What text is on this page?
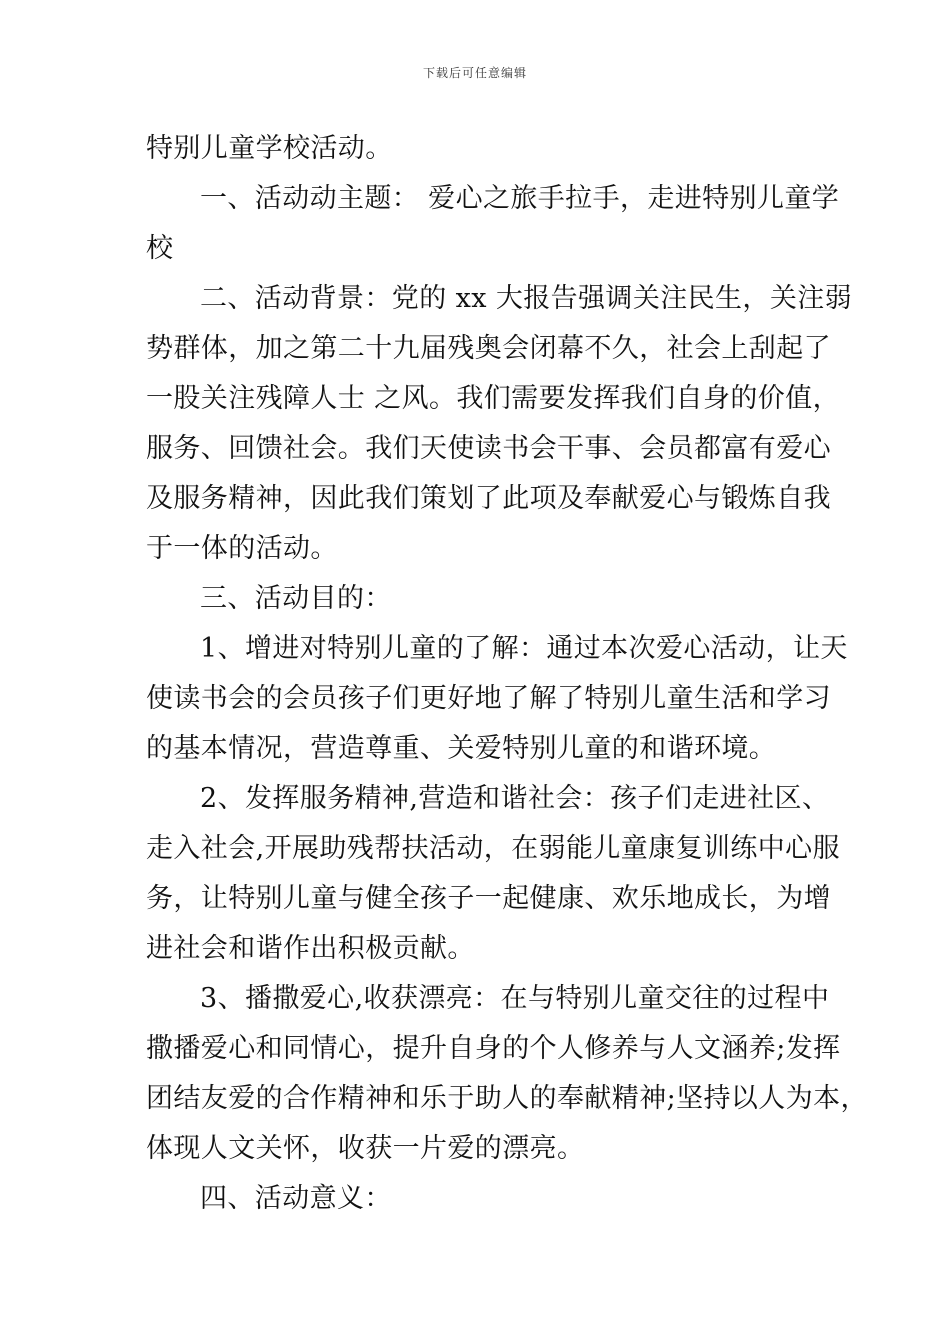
下载后可任意编辑
特别儿童学校活动。
一、活动动主题： 爱心之旅手拉手，走进特别儿童学
校
二、活动背景：党的 xx 大报告强调关注民生，关注弱
势群体，加之第二十九届残奥会闭幕不久，社会上刮起了
一股关注残障人士 之风。我们需要发挥我们自身的价值，
服务、回馈社会。我们天使读书会干事、会员都富有爱心
及服务精神，因此我们策划了此项及奉献爱心与锻炼自我
于一体的活动。
三、活动目的：
1、增进对特别儿童的了解：通过本次爱心活动，让天
使读书会的会员孩子们更好地了解了特别儿童生活和学习
的基本情况，营造尊重、关爱特别儿童的和谐环境。
2、发挥服务精神,营造和谐社会：孩子们走进社区、
走入社会,开展助残帮扶活动，在弱能儿童康复训练中心服
务，让特别儿童与健全孩子一起健康、欢乐地成长，为增
进社会和谐作出积极贡献。
3、播撒爱心,收获漂亮：在与特别儿童交往的过程中
撒播爱心和同情心，提升自身的个人修养与人文涵养;发挥
团结友爱的合作精神和乐于助人的奉献精神;坚持以人为本，
体现人文关怀，收获一片爱的漂亮。
四、活动意义：
